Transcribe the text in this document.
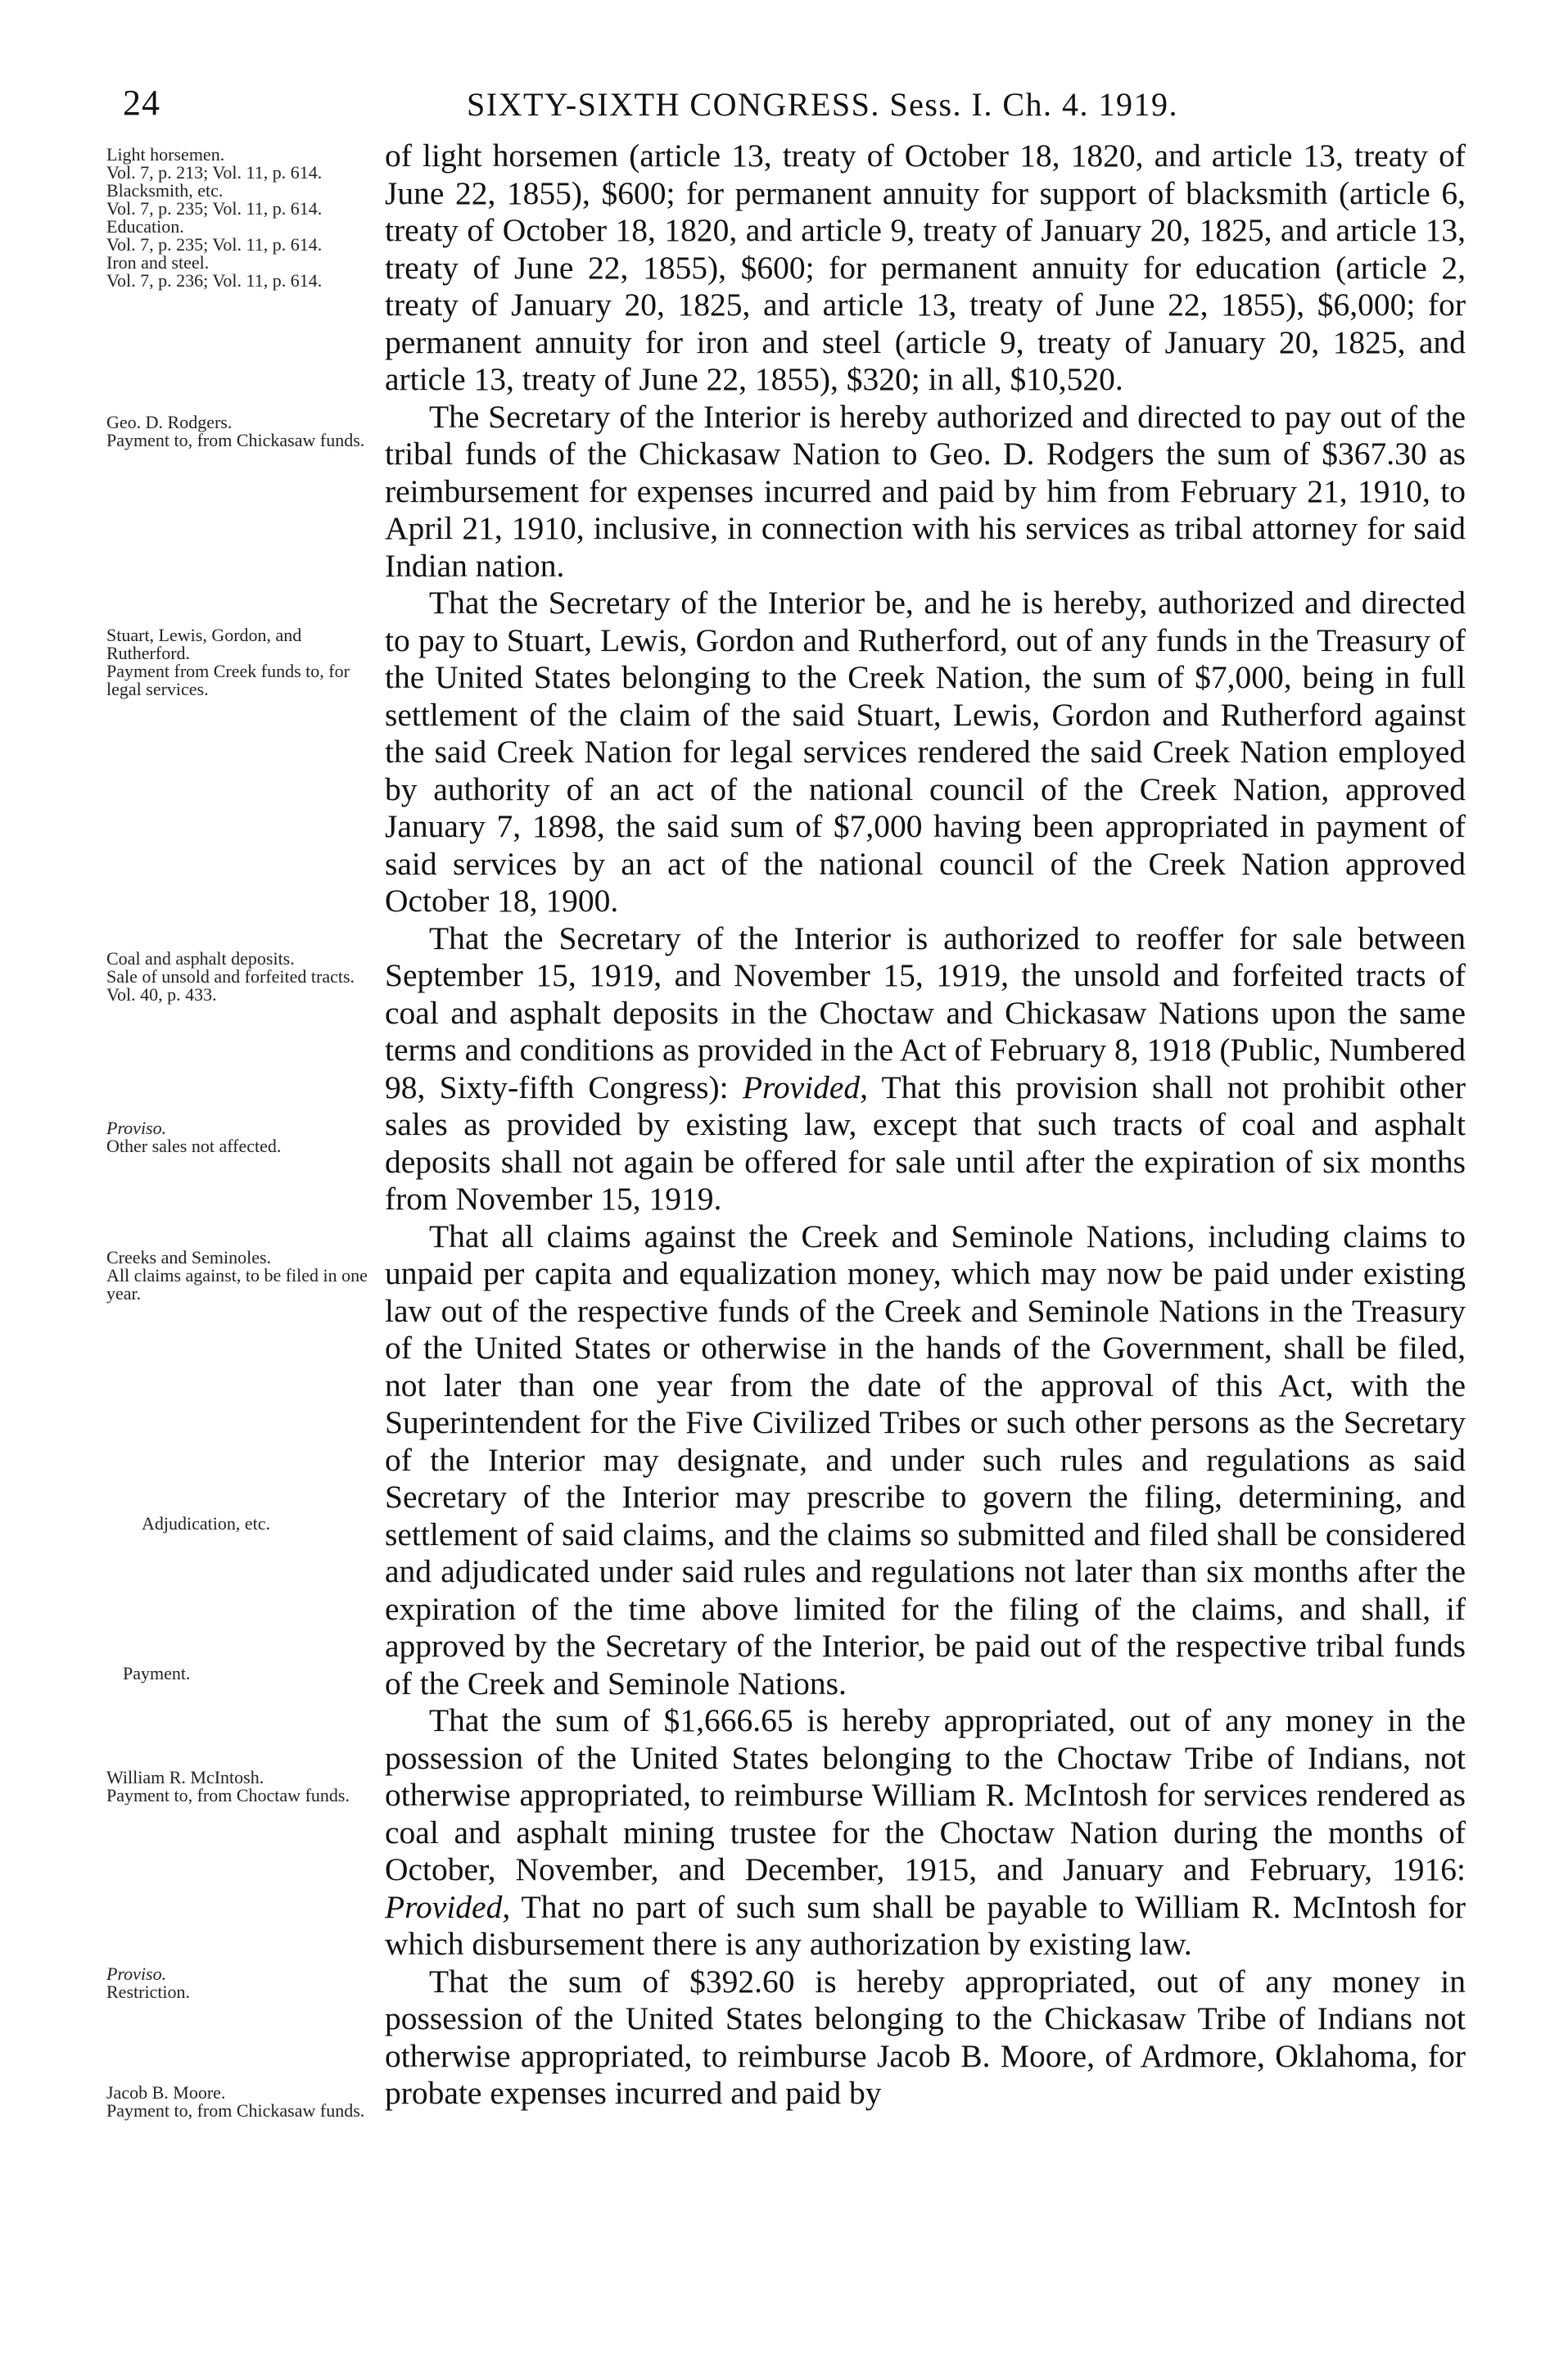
24	SIXTY-SIXTH CONGRESS. Sess. I. Ch. 4. 1919.

of light horsemen (article 13, treaty of October 18, 1820, and article 13, treaty of June 22, 1855), $600; for permanent annuity for support of blacksmith (article 6, treaty of October 18, 1820, and article 9, treaty of January 20, 1825, and article 13, treaty of June 22, 1855), $600; for permanent annuity for education (article 2, treaty of January 20, 1825, and article 13, treaty of June 22, 1855), $6,000; for permanent annuity for iron and steel (article 9, treaty of January 20, 1825, and article 13, treaty of June 22, 1855), $320; in all, $10,520.

The Secretary of the Interior is hereby authorized and directed to pay out of the tribal funds of the Chickasaw Nation to Geo. D. Rodgers the sum of $367.30 as reimbursement for expenses incurred and paid by him from February 21, 1910, to April 21, 1910, inclusive, in connection with his services as tribal attorney for said Indian nation.

That the Secretary of the Interior be, and he is hereby, authorized and directed to pay to Stuart, Lewis, Gordon and Rutherford, out of any funds in the Treasury of the United States belonging to the Creek Nation, the sum of $7,000, being in full settlement of the claim of the said Stuart, Lewis, Gordon and Rutherford against the said Creek Nation for legal services rendered the said Creek Nation employed by authority of an act of the national council of the Creek Nation, approved January 7, 1898, the said sum of $7,000 having been appropriated in payment of said services by an act of the national council of the Creek Nation approved October 18, 1900.

That the Secretary of the Interior is authorized to reoffer for sale between September 15, 1919, and November 15, 1919, the unsold and forfeited tracts of coal and asphalt deposits in the Choctaw and Chickasaw Nations upon the same terms and conditions as provided in the Act of February 8, 1918 (Public, Numbered 98, Sixty-fifth Congress): Provided, That this provision shall not prohibit other sales as provided by existing law, except that such tracts of coal and asphalt deposits shall not again be offered for sale until after the expiration of six months from November 15, 1919.

That all claims against the Creek and Seminole Nations, including claims to unpaid per capita and equalization money, which may now be paid under existing law out of the respective funds of the Creek and Seminole Nations in the Treasury of the United States or otherwise in the hands of the Government, shall be filed, not later than one year from the date of the approval of this Act, with the Superintendent for the Five Civilized Tribes or such other persons as the Secretary of the Interior may designate, and under such rules and regulations as said Secretary of the Interior may prescribe to govern the filing, determining, and settlement of said claims, and the claims so submitted and filed shall be considered and adjudicated under said rules and regulations not later than six months after the expiration of the time above limited for the filing of the claims, and shall, if approved by the Secretary of the Interior, be paid out of the respective tribal funds of the Creek and Seminole Nations.

That the sum of $1,666.65 is hereby appropriated, out of any money in the possession of the United States belonging to the Choctaw Tribe of Indians, not otherwise appropriated, to reimburse William R. McIntosh for services rendered as coal and asphalt mining trustee for the Choctaw Nation during the months of October, November, and December, 1915, and January and February, 1916: Provided, That no part of such sum shall be payable to William R. McIntosh for which disbursement there is any authorization by existing law.

That the sum of $392.60 is hereby appropriated, out of any money in possession of the United States belonging to the Chickasaw Tribe of Indians not otherwise appropriated, to reimburse Jacob B. Moore, of Ardmore, Oklahoma, for probate expenses incurred and paid by

Light horsemen.
Vol. 7, p. 213; Vol. 11, p. 614.
Blacksmith, etc.
Vol. 7, p. 235; Vol. 11, p. 614.
Education.
Vol. 7, p. 235; Vol. 11, p. 614.
Iron and steel.
Vol. 7, p. 236; Vol. 11, p. 614.
Geo. D. Rodgers.
Payment to, from Chickasaw funds.
Stuart, Lewis, Gordon, and Rutherford.
Payment from Creek funds to, for legal services.
Coal and asphalt deposits.
Sale of unsold and forfeited tracts.
Vol. 40, p. 433.
Proviso.
Other sales not affected.
Creeks and Seminoles.
All claims against, to be filed in one year.
Adjudication, etc.
Payment.
William R. McIntosh.
Payment to, from Choctaw funds.
Proviso.
Restriction.
Jacob B. Moore.
Payment to, from Chickasaw funds.
